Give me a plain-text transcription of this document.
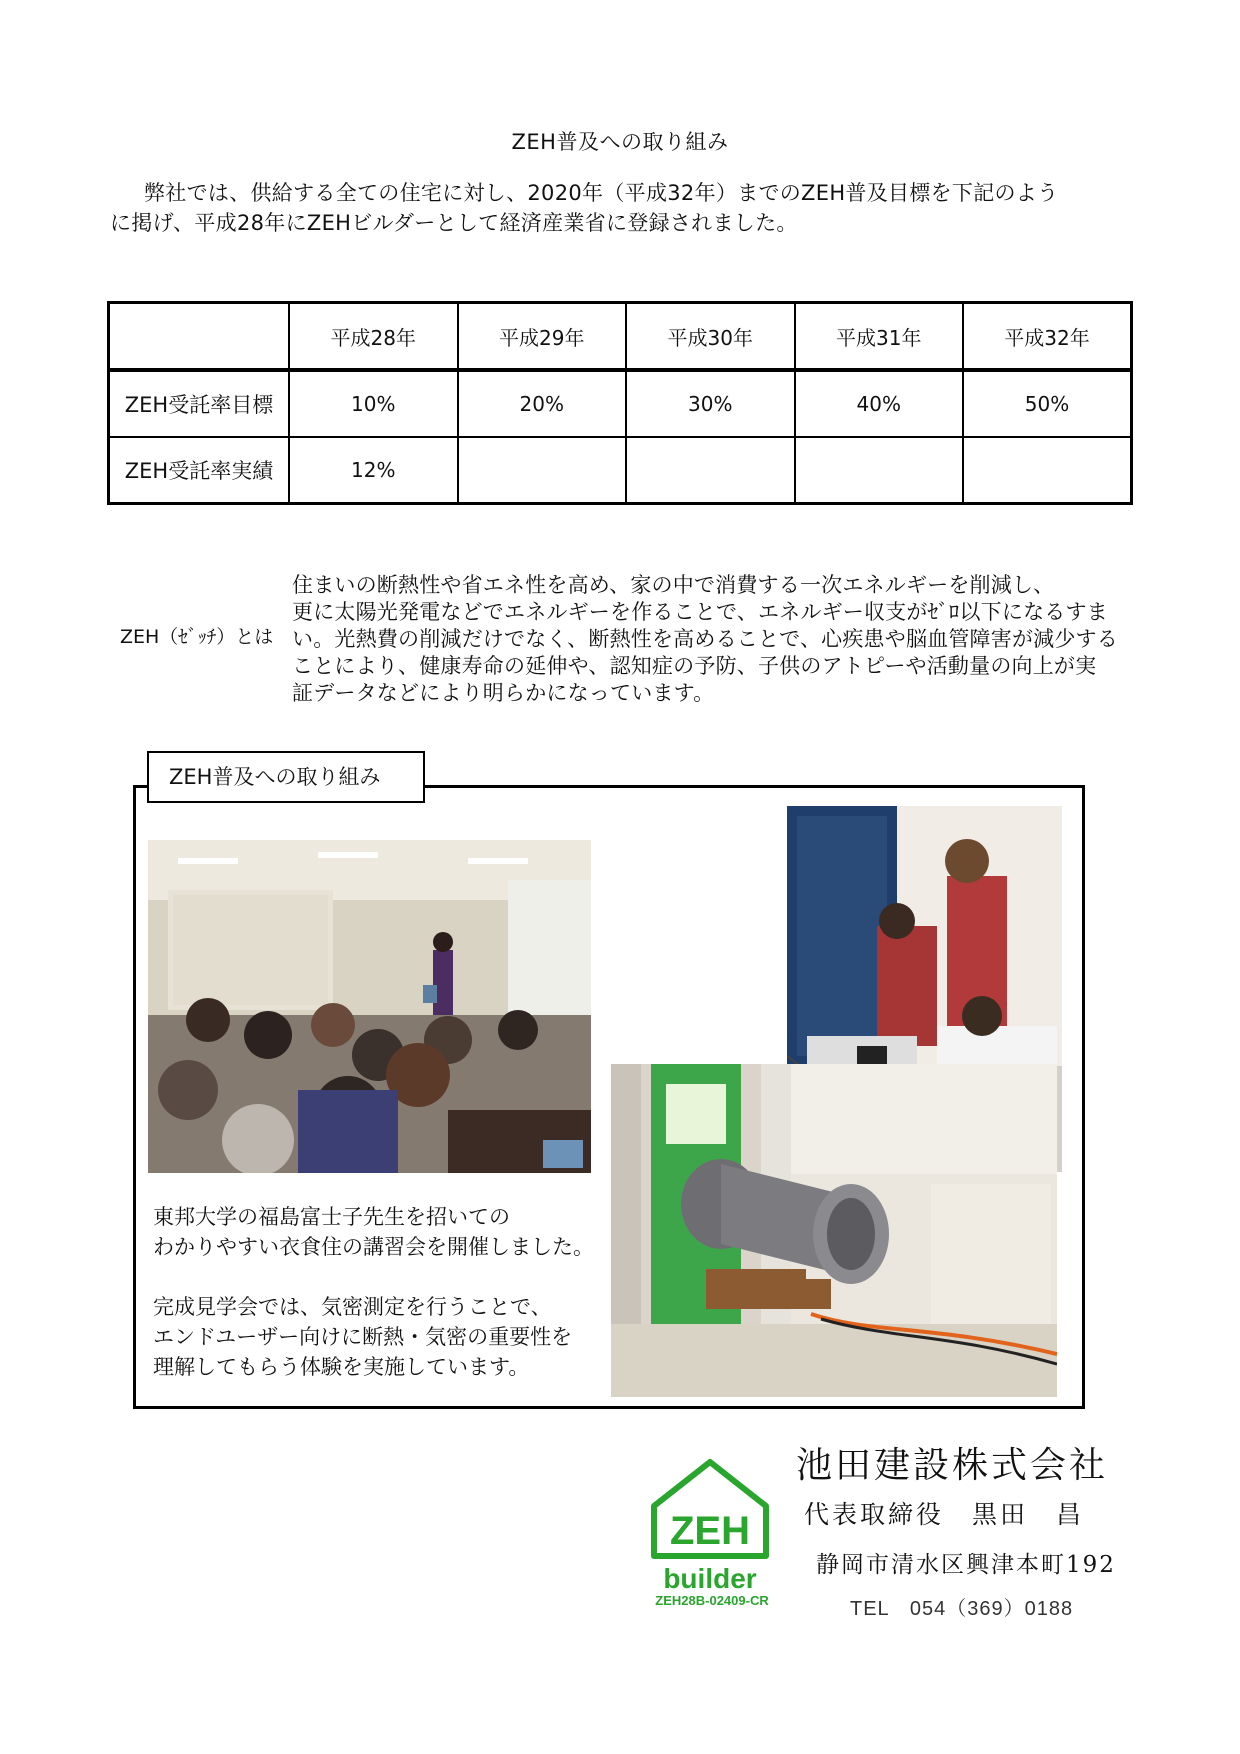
ZEH普及への取り組み
弊社では、供給する全ての住宅に対し、2020年（平成32年）までのZEH普及目標を下記のよう
に掲げ、平成28年にZEHビルダーとして経済産業省に登録されました。
	平成28年	平成29年	平成30年	平成31年	平成32年
ZEH受託率目標	10%	20%	30%	40%	50%
ZEH受託率実績	12%				
ZEH（ｾﾞｯﾁ）とは
住まいの断熱性や省エネ性を高め、家の中で消費する一次エネルギーを削減し、
更に太陽光発電などでエネルギーを作ることで、エネルギー収支がｾﾞﾛ以下になるすま
い。光熱費の削減だけでなく、断熱性を高めることで、心疾患や脳血管障害が減少する
ことにより、健康寿命の延伸や、認知症の予防、子供のアトピーや活動量の向上が実
証データなどにより明らかになっています。
ZEH普及への取り組み

東邦大学の福島富士子先生を招いての
わかりやすい衣食住の講習会を開催しました。

完成見学会では、気密測定を行うことで、
エンドユーザー向けに断熱・気密の重要性を
理解してもらう体験を実施しています。

ZEH
builder
ZEH28B-02409-CR
池田建設株式会社
代表取締役　黒田　昌
静岡市清水区興津本町192
TEL　054（369）0188
